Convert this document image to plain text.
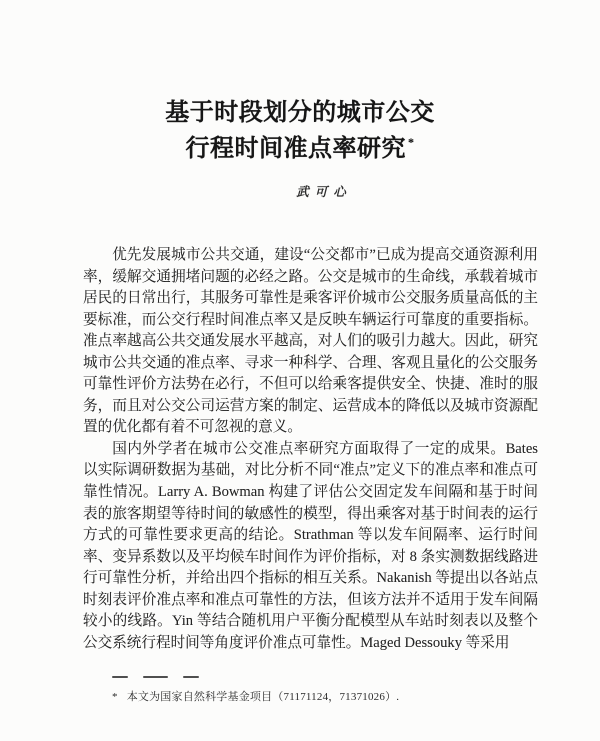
基于时段划分的城市公交
行程时间准点率研究 *
武可心

优先发展城市公共交通，建设“公交都市”已成为提高交通资源利用率，缓解交通拥堵问题的必经之路。公交是城市的生命线，承载着城市居民的日常出行，其服务可靠性是乘客评价城市公交服务质量高低的主要标准，而公交行程时间准点率又是反映车辆运行可靠度的重要指标。准点率越高公共交通发展水平越高，对人们的吸引力越大。因此，研究城市公共交通的准点率、寻求一种科学、合理、客观且量化的公交服务可靠性评价方法势在必行，不但可以给乘客提供安全、快捷、准时的服务，而且对公交公司运营方案的制定、运营成本的降低以及城市资源配置的优化都有着不可忽视的意义。

国内外学者在城市公交准点率研究方面取得了一定的成果。Bates 以实际调研数据为基础，对比分析不同“准点”定义下的准点率和准点可靠性情况。Larry A. Bowman 构建了评估公交固定发车间隔和基于时间表的旅客期望等待时间的敏感性的模型，得出乘客对基于时间表的运行方式的可靠性要求更高的结论。Strathman 等以发车间隔率、运行时间率、变异系数以及平均候车时间作为评价指标，对 8 条实测数据线路进行可靠性分析，并给出四个指标的相互关系。Nakanish 等提出以各站点时刻表评价准点率和准点可靠性的方法，但该方法并不适用于发车间隔较小的线路。Yin 等结合随机用户平衡分配模型从车站时刻表以及整个公交系统行程时间等角度评价准点可靠性。Maged Dessouky 等采用

* 本文为国家自然科学基金项目（71171124，71371026）.
